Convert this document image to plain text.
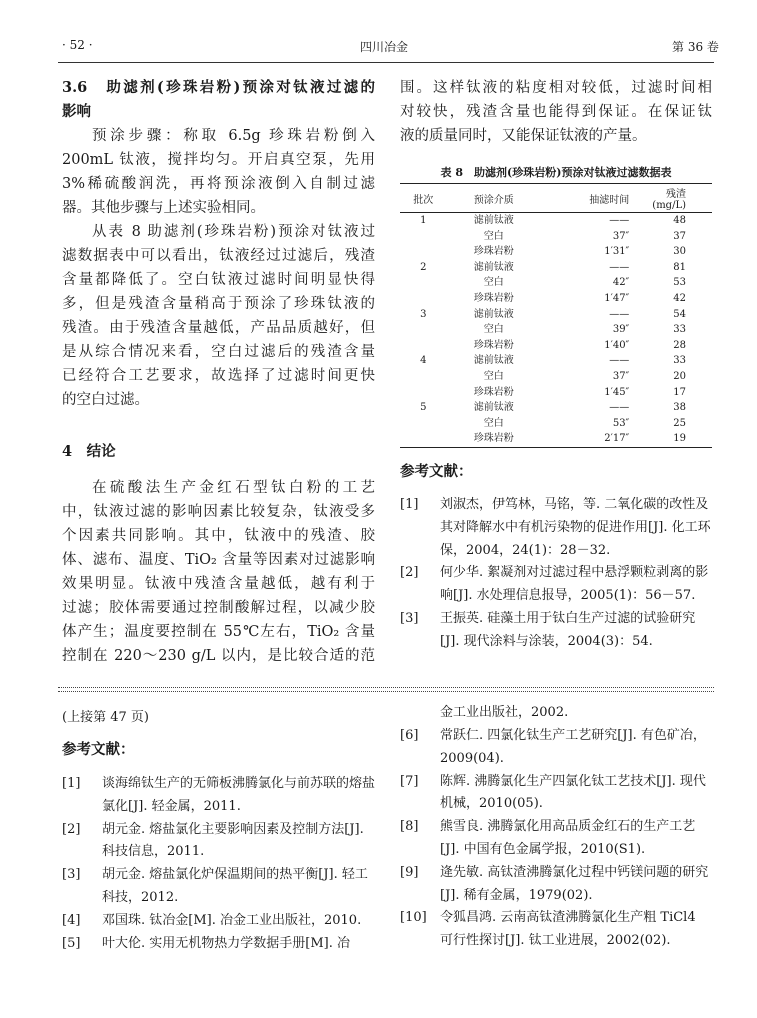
· 52 ·	四川冶金	第 36 卷
3.6　助滤剂(珍珠岩粉)预涂对钛液过滤的
影响
预涂步骤：称取 6.5g 珍珠岩粉倒入
200mL 钛液，搅拌均匀。开启真空泵，先用
3%稀硫酸润洗，再将预涂液倒入自制过滤
器。其他步骤与上述实验相同。
从表 8 助滤剂(珍珠岩粉)预涂对钛液过
滤数据表中可以看出，钛液经过过滤后，残渣
含量都降低了。空白钛液过滤时间明显快得
多，但是残渣含量稍高于预涂了珍珠钛液的
残渣。由于残渣含量越低，产品品质越好，但
是从综合情况来看，空白过滤后的残渣含量
已经符合工艺要求，故选择了过滤时间更快
的空白过滤。
4　结论
在硫酸法生产金红石型钛白粉的工艺
中，钛液过滤的影响因素比较复杂，钛液受多
个因素共同影响。其中，钛液中的残渣、胶
体、滤布、温度、TiO₂ 含量等因素对过滤影响
效果明显。钛液中残渣含量越低，越有利于
过滤；胶体需要通过控制酸解过程，以减少胶
体产生；温度要控制在 55℃左右，TiO₂ 含量
控制在 220～230 g/L 以内，是比较合适的范
围。这样钛液的粘度相对较低，过滤时间相
对较快，残渣含量也能得到保证。在保证钛
液的质量同时，又能保证钛液的产量。
表 8　助滤剂(珍珠岩粉)预涂对钛液过滤数据表
批次	预涂介质	抽滤时间	残渣(mg/L)
1	滤前钛液	——	48
	空白	37″	37
	珍珠岩粉	1′31″	30
2	滤前钛液	——	81
	空白	42″	53
	珍珠岩粉	1′47″	42
3	滤前钛液	——	54
	空白	39″	33
	珍珠岩粉	1′40″	28
4	滤前钛液	——	33
	空白	37″	20
	珍珠岩粉	1′45″	17
5	滤前钛液	——	38
	空白	53″	25
	珍珠岩粉	2′17″	19
参考文献：
[1] 刘淑杰，伊笃林，马铭，等. 二氧化碳的改性及其对降解水中有机污染物的促进作用[J]. 化工环保，2004，24(1)：28－32.
[2] 何少华. 絮凝剂对过滤过程中悬浮颗粒剥离的影响[J]. 水处理信息报导，2005(1)：56－57.
[3] 王振英. 硅藻土用于钛白生产过滤的试验研究[J]. 现代涂料与涂装，2004(3)：54.
(上接第 47 页)
参考文献：
[1] 谈海绵钛生产的无筛板沸腾氯化与前苏联的熔盐氯化[J]. 轻金属，2011.
[2] 胡元金. 熔盐氯化主要影响因素及控制方法[J]. 科技信息，2011.
[3] 胡元金. 熔盐氯化炉保温期间的热平衡[J]. 轻工科技，2012.
[4] 邓国珠. 钛冶金[M]. 冶金工业出版社，2010.
[5] 叶大伦. 实用无机物热力学数据手册[M]. 冶
金工业出版社，2002.
[6] 常跃仁. 四氯化钛生产工艺研究[J]. 有色矿冶，2009(04).
[7] 陈辉. 沸腾氯化生产四氯化钛工艺技术[J]. 现代机械，2010(05).
[8] 熊雪良. 沸腾氯化用高品质金红石的生产工艺[J]. 中国有色金属学报，2010(S1).
[9] 逄先敏. 高钛渣沸腾氯化过程中钙镁问题的研究[J]. 稀有金属，1979(02).
[10] 令狐昌鸿. 云南高钛渣沸腾氯化生产粗 TiCl4 可行性探讨[J]. 钛工业进展，2002(02).
